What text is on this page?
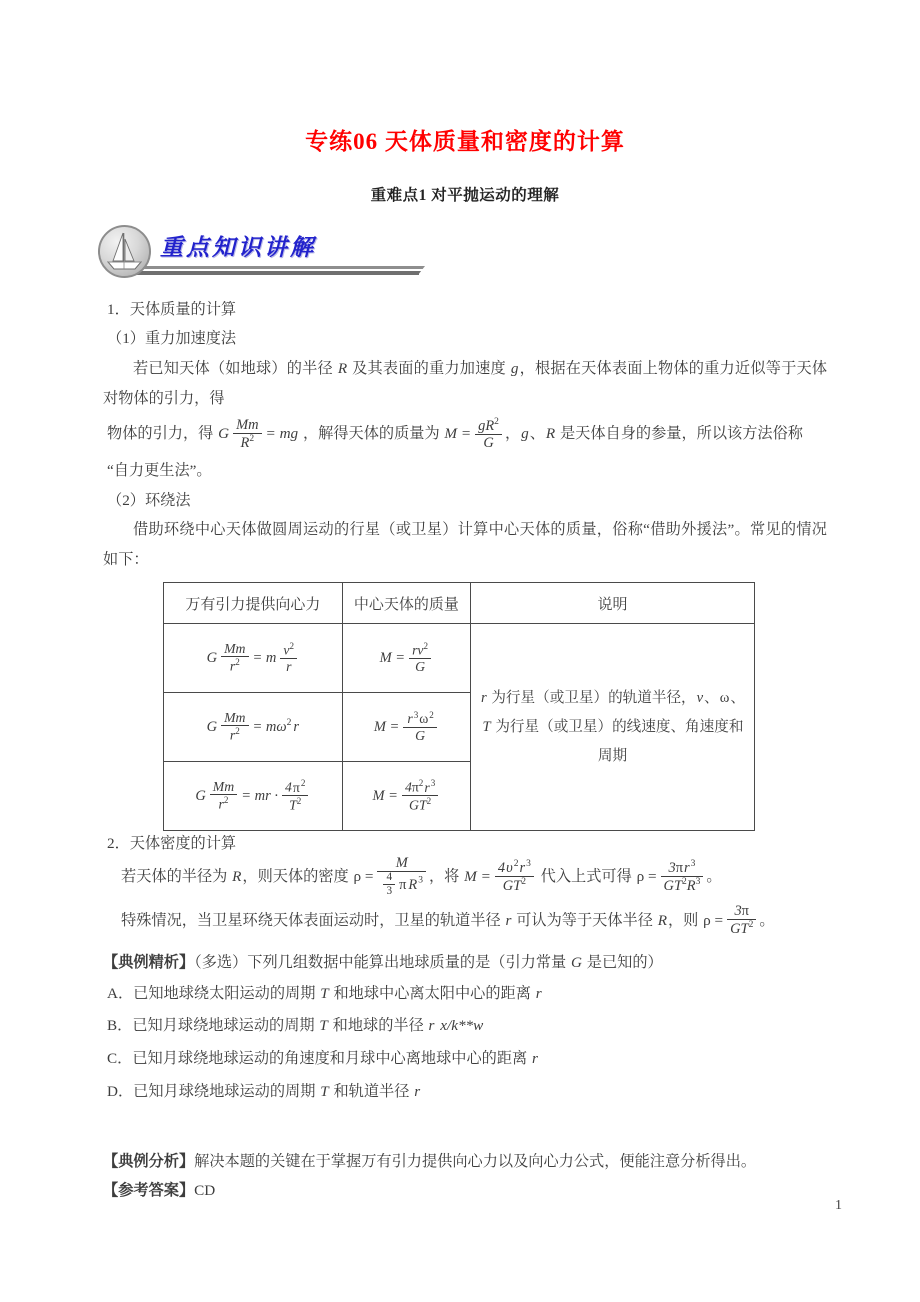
专练06 天体质量和密度的计算
重难点1 对平抛运动的理解
重点知识讲解
1．天体质量的计算
（1）重力加速度法
若已知天体（如地球）的半径 R 及其表面的重力加速度 g，根据在天体表面上物体的重力近似等于天体对物体的引力，得
物体的引力，得 G $\frac{Mm}{R^2}$ = mg ，解得天体的质量为 $M = \frac{gR^2}{G}$ ，g、R 是天体自身的参量，所以该方法俗称
“自力更生法”。
（2）环绕法
借助环绕中心天体做圆周运动的行星（或卫星）计算中心天体的质量，俗称“借助外援法”。常见的情况如下：
万有引力提供向心力	中心天体的质量	说明
G $\frac{Mm}{r^2} = m \frac{v^2}{r}$	$M = \frac{rv^2}{G}$
	r 为行星（或卫星）的轨道半径，v、ω、T 为行星（或卫星）的线速度、角速度和周期
G $\frac{Mm}{r^2} = m\omega^2$ r	$M = \frac{r^3\omega^2}{G}$

G $\frac{Mm}{r^2}$ = mr · $\frac{4\pi^2}{T^2}$	$M = \frac{4\pi^2r^3}{GT^2}$
2．天体密度的计算
若天体的半径为 R，则天体的密度 $\rho = \frac{M}{\frac{4}{3} \pi R^3}$ ，将 $M = \frac{4\upsilon^2r^3}{GT^2}$ 代入上式可得 $\rho = \frac{3\pi r^3}{GT^2R^3}$ 。
特殊情况，当卫星环绕天体表面运动时，卫星的轨道半径 r 可认为等于天体半径 R，则 $\rho = \frac{3\pi}{GT^2}$ 。
【典例精析】（多选）下列几组数据中能算出地球质量的是（引力常量 G 是已知的）
A．已知地球绕太阳运动的周期 T 和地球中心离太阳中心的距离 r
B．已知月球绕地球运动的周期 T 和地球的半径 r x/k**w
C．已知月球绕地球运动的角速度和月球中心离地球中心的距离 r
D．已知月球绕地球运动的周期 T 和轨道半径 r
【典例分析】解决本题的关键在于掌握万有引力提供向心力以及向心力公式，便能注意分析得出。
【参考答案】CD
1
